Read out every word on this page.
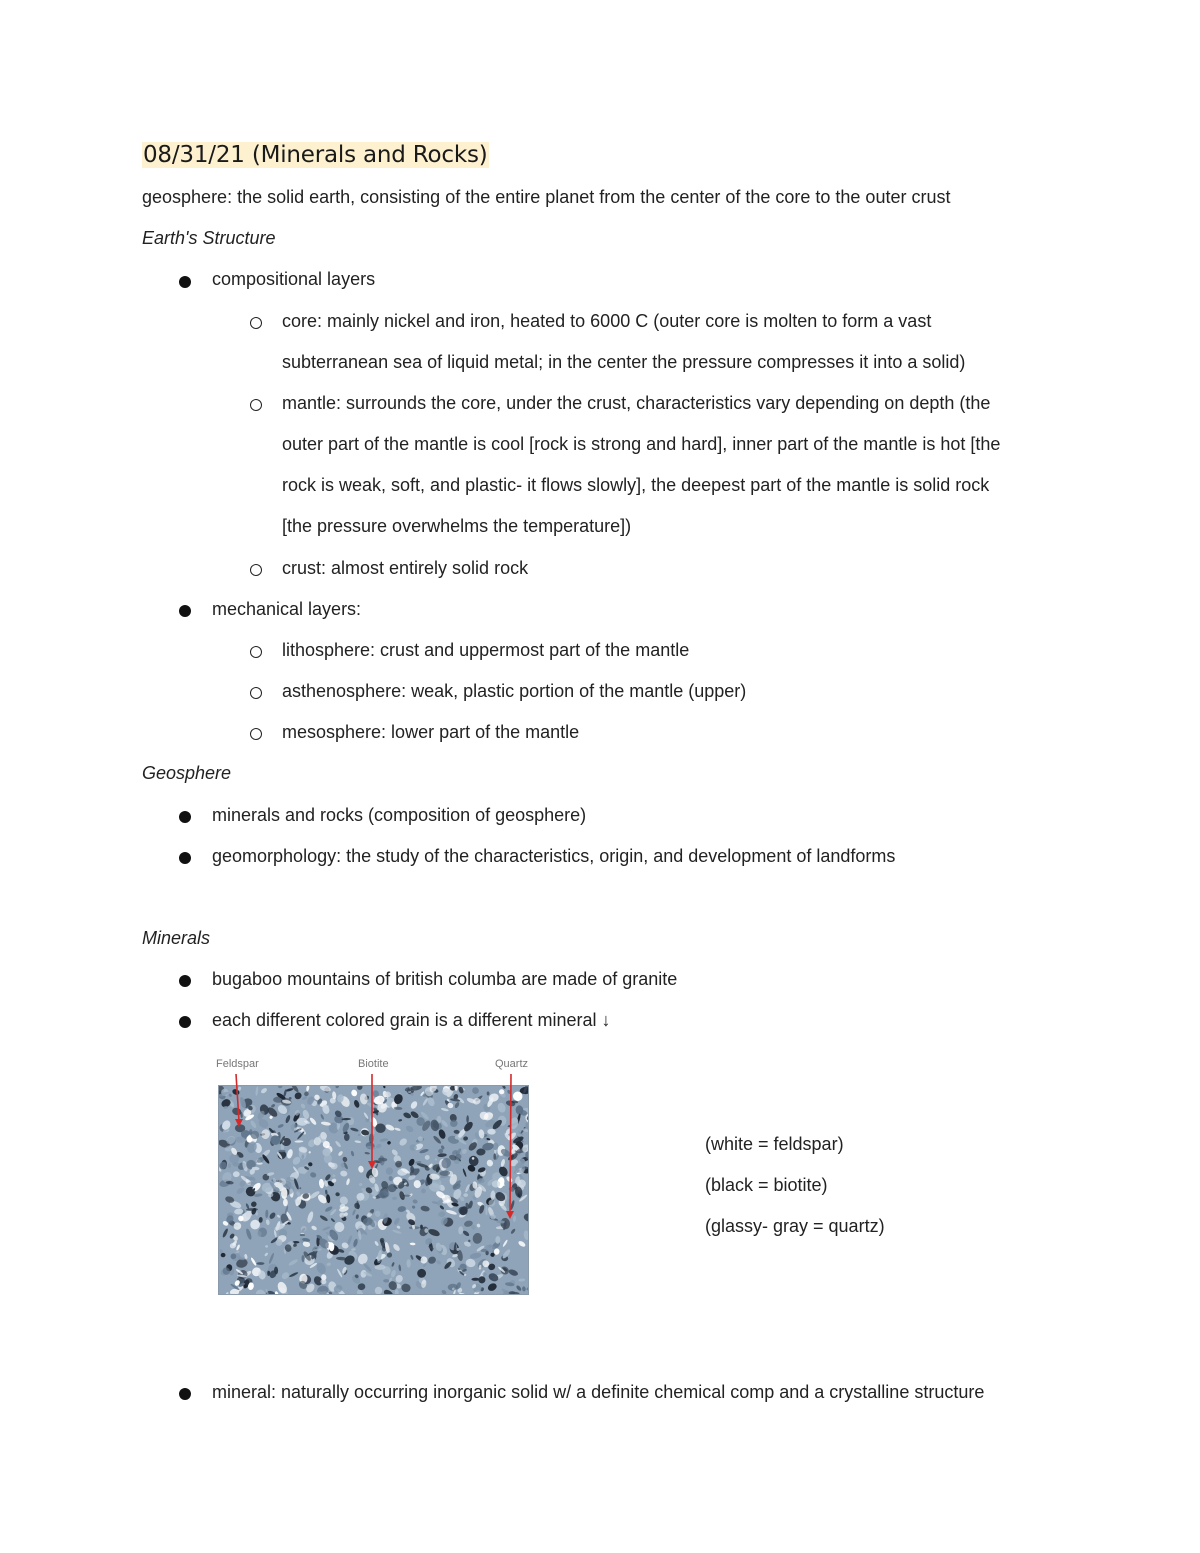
08/31/21 (Minerals and Rocks)
geosphere: the solid earth, consisting of the entire planet from the center of the core to the outer crust
Earth's Structure
compositional layers
core: mainly nickel and iron, heated to 6000 C (outer core is molten to form a vast
subterranean sea of liquid metal; in the center the pressure compresses it into a solid)
mantle: surrounds the core, under the crust, characteristics vary depending on depth (the
outer part of the mantle is cool [rock is strong and hard], inner part of the mantle is hot [the
rock is weak, soft, and plastic- it flows slowly], the deepest part of the mantle is solid rock
[the pressure overwhelms the temperature])
crust: almost entirely solid rock
mechanical layers:
lithosphere: crust and uppermost part of the mantle
asthenosphere: weak, plastic portion of the mantle (upper)
mesosphere: lower part of the mantle
Geosphere
minerals and rocks (composition of geosphere)
geomorphology: the study of the characteristics, origin, and development of landforms
Minerals
bugaboo mountains of british columba are made of granite
each different colored grain is a different mineral ↓
Feldspar	Biotite	Quartz
(white = feldspar)
(black = biotite)
(glassy- gray = quartz)
mineral: naturally occurring inorganic solid w/ a definite chemical comp and a crystalline structure
